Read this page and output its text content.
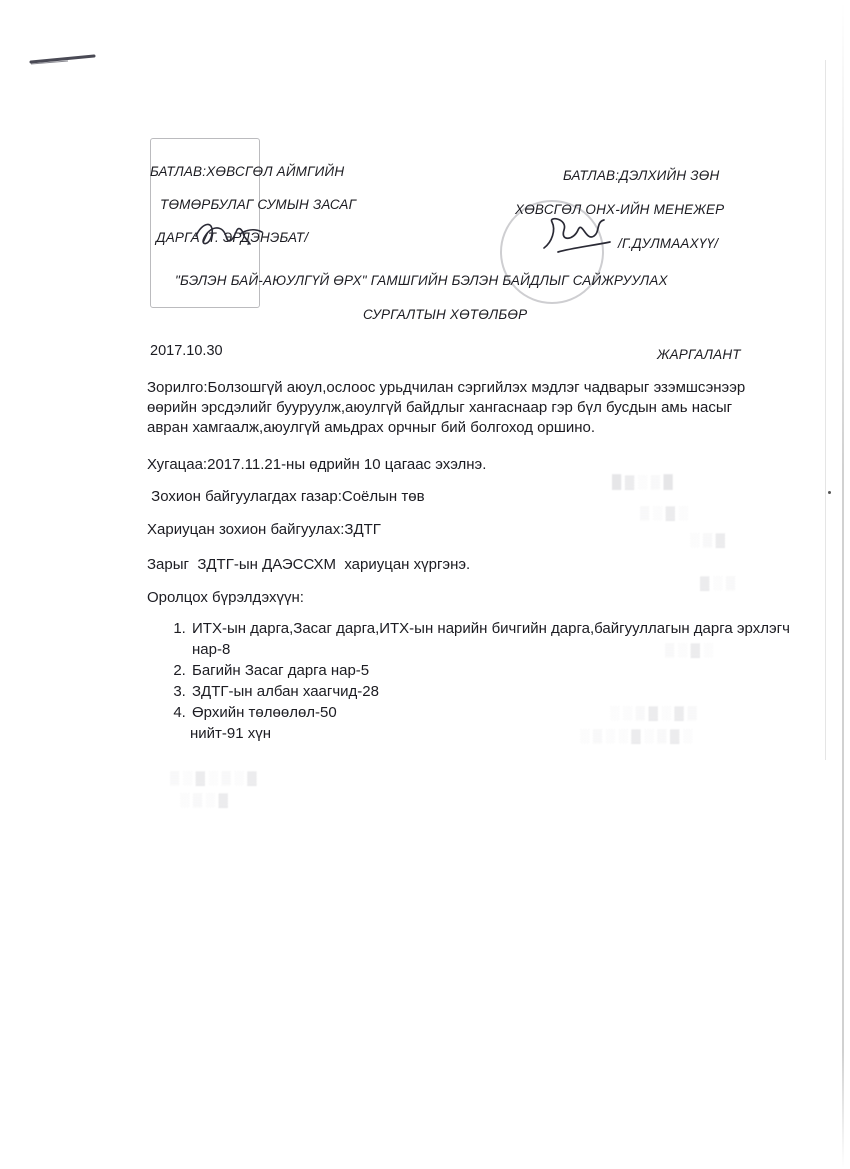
█ ▓ ░ ▒ █
▒ ░ ▓ ░
░ ▒ ▓
▓ ░ ▒
▒ ░ ▓ ░
░ ░ ▒ ▓ ░ ▓ ▒
░ ▒ ░ ░ ▓ ░ ▒ ▓ ░
▒ ░ ▓ ░ ▒ ░ ▓
░ ▒ ░ ▓
БАТЛАВ:ХӨВСГӨЛ АЙМГИЙН
ТӨМӨРБУЛАГ СУМЫН ЗАСАГ
ДАРГА /Т. ЭРДЭНЭБАТ/
БАТЛАВ:ДЭЛХИЙН ЗӨН
ХӨВСГӨЛ ОНХ-ИЙН МЕНЕЖЕР
/Г.ДУЛМААХҮҮ/
"БЭЛЭН БАЙ-АЮУЛГҮЙ ӨРХ" ГАМШГИЙН БЭЛЭН БАЙДЛЫГ САЙЖРУУЛАХ
СУРГАЛТЫН ХӨТӨЛБӨР
2017.10.30	ЖАРГАЛАНТ
Зорилго:Болзошгүй аюул,ослоос урьдчилан сэргийлэх мэдлэг чадварыг эзэмшсэнээр өөрийн эрсдэлийг бууруулж,аюулгүй байдлыг хангаснаар гэр бүл бусдын амь насыг авран хамгаалж,аюулгүй амьдрах орчныг бий болгоход оршино.
Хугацаа:2017.11.21-ны өдрийн 10 цагаас эхэлнэ.
Зохион байгуулагдах газар:Соёлын төв
Хариуцан зохион байгуулах:ЗДТГ
Зарыг  ЗДТГ-ын ДАЭССХМ  хариуцан хүргэнэ.
Оролцох бүрэлдэхүүн:
1. ИТХ-ын дарга,Засаг дарга,ИТХ-ын нарийн бичгийн дарга,байгууллагын дарга эрхлэгч нар-8
2. Багийн Засаг дарга нар-5
3. ЗДТГ-ын албан хаагчид-28
4. Өрхийн төлөөлөл-50
нийт-91 хүн
